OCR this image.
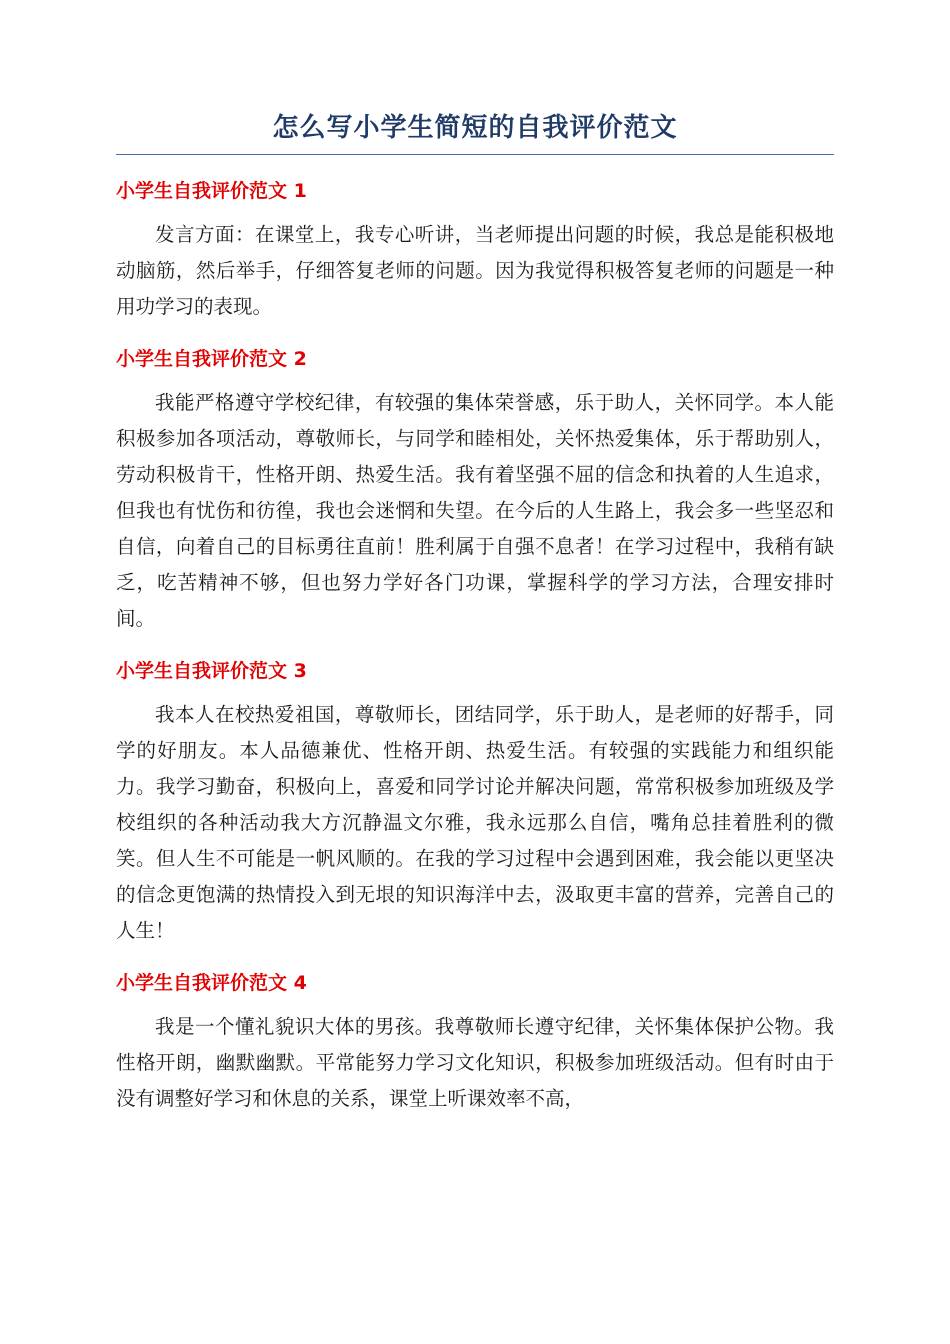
怎么写小学生简短的自我评价范文
小学生自我评价范文 1

发言方面：在课堂上，我专心听讲，当老师提出问题的时候，我总是能积极地动脑筋，然后举手，仔细答复老师的问题。因为我觉得积极答复老师的问题是一种用功学习的表现。

小学生自我评价范文 2

我能严格遵守学校纪律，有较强的集体荣誉感，乐于助人，关怀同学。本人能积极参加各项活动，尊敬师长，与同学和睦相处，关怀热爱集体，乐于帮助别人，劳动积极肯干，性格开朗、热爱生活。我有着坚强不屈的信念和执着的人生追求，但我也有忧伤和彷徨，我也会迷惘和失望。在今后的人生路上，我会多一些坚忍和自信，向着自己的目标勇往直前！胜利属于自强不息者！在学习过程中，我稍有缺乏，吃苦精神不够，但也努力学好各门功课，掌握科学的学习方法，合理安排时间。

小学生自我评价范文 3

我本人在校热爱祖国，尊敬师长，团结同学，乐于助人，是老师的好帮手，同学的好朋友。本人品德兼优、性格开朗、热爱生活。有较强的实践能力和组织能力。我学习勤奋，积极向上，喜爱和同学讨论并解决问题，常常积极参加班级及学校组织的各种活动我大方沉静温文尔雅，我永远那么自信，嘴角总挂着胜利的微笑。但人生不可能是一帆风顺的。在我的学习过程中会遇到困难，我会能以更坚决的信念更饱满的热情投入到无垠的知识海洋中去，汲取更丰富的营养，完善自己的人生！

小学生自我评价范文 4

我是一个懂礼貌识大体的男孩。我尊敬师长遵守纪律，关怀集体保护公物。我性格开朗，幽默幽默。平常能努力学习文化知识，积极参加班级活动。但有时由于没有调整好学习和休息的关系，课堂上听课效率不高，
